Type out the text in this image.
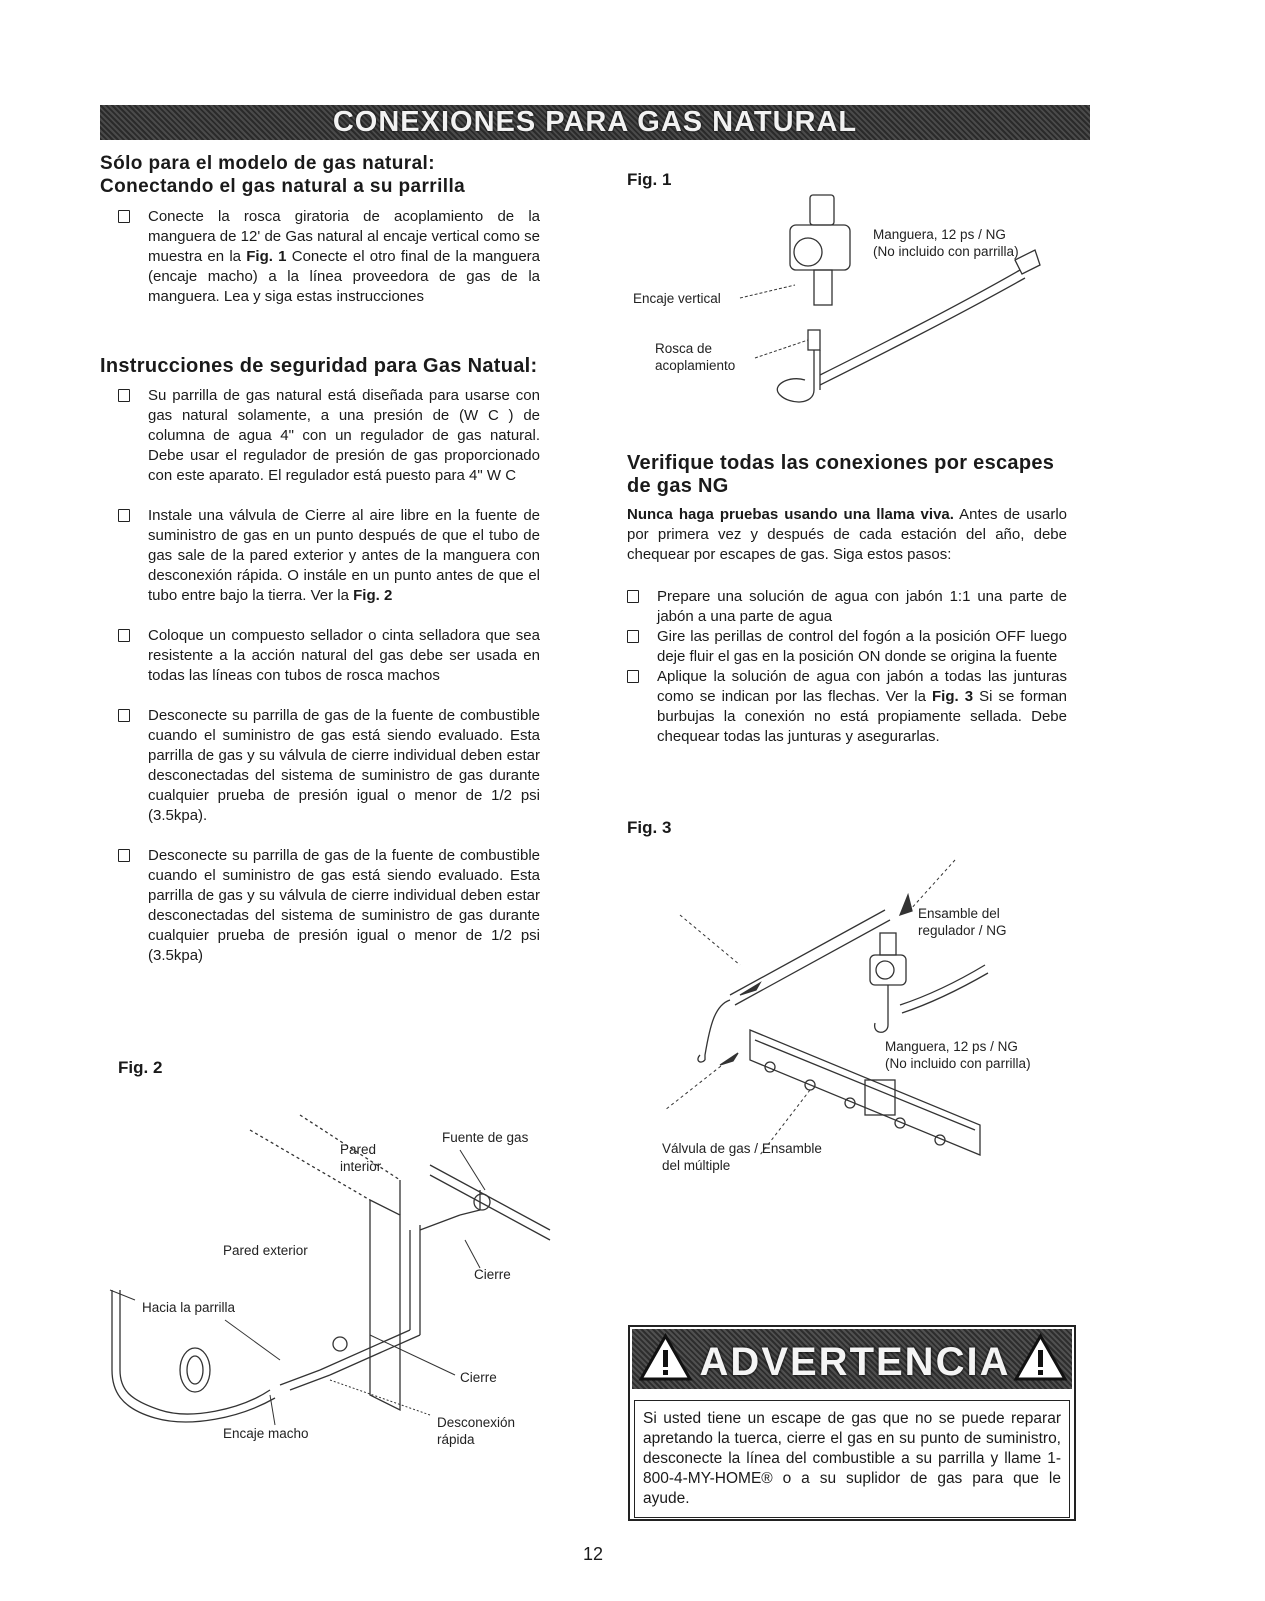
CONEXIONES PARA GAS NATURAL
Sólo para el modelo de gas natural:
Conectando el gas natural a su parrilla
Conecte la rosca giratoria de acoplamiento de la manguera de 12' de Gas natural al encaje vertical como se muestra en la Fig. 1 Conecte el otro final de la manguera (encaje macho) a la línea proveedora de gas de la manguera. Lea y siga estas instrucciones
Instrucciones de seguridad para Gas Natual:
Su parrilla de gas natural está diseñada para usarse con gas natural solamente, a una presión de (W C ) de columna de agua 4" con un regulador de gas natural. Debe usar el regulador de presión de gas proporcionado con este aparato. El regulador está puesto para 4" W C
Instale una válvula de Cierre al aire libre en la fuente de suministro de gas en un punto después de que el tubo de gas sale de la pared exterior y antes de la manguera con desconexión rápida. O instále en un punto antes de que el tubo entre bajo la tierra. Ver la Fig. 2
Coloque un compuesto sellador o cinta selladora que sea resistente a la acción natural del gas debe ser usada en todas las líneas con tubos de rosca machos
Desconecte su parrilla de gas de la fuente de combustible cuando el suministro de gas está siendo evaluado. Esta parrilla de gas y su válvula de cierre individual deben estar desconectadas del sistema de suministro de gas durante cualquier prueba de presión igual o menor de 1/2 psi (3.5kpa).
Desconecte su parrilla de gas de la fuente de combustible cuando el suministro de gas está siendo evaluado. Esta parrilla de gas y su válvula de cierre individual deben estar desconectadas del sistema de suministro de gas durante cualquier prueba de presión igual o menor de 1/2 psi (3.5kpa)
Fig. 2
Pared
interior
Fuente de gas
Pared exterior
Cierre
Hacia la parrilla
Cierre
Encaje macho
Desconexión
rápida
Fig. 1
Manguera, 12 ps / NG
(No incluido con parrilla)
Encaje vertical
Rosca de
acoplamiento
Verifique todas las conexiones por escapes
de gas NG
Nunca haga pruebas usando una llama viva. Antes de usarlo por primera vez y después de cada estación del año, debe chequear por escapes de gas. Siga estos pasos:
Prepare una solución de agua con jabón 1:1 una parte de jabón a una parte de agua
Gire las perillas de control del fogón a la posición OFF luego deje fluir el gas en la posición ON donde se origina la fuente
Aplique la solución de agua con jabón a todas las junturas como se indican por las flechas. Ver la Fig. 3 Si se forman burbujas la conexión no está propiamente sellada. Debe chequear todas las junturas y asegurarlas.
Fig. 3
Ensamble del
regulador / NG
Manguera, 12 ps / NG
(No incluido con parrilla)
Válvula de gas / Ensamble
del múltiple
ADVERTENCIA
Si usted tiene un escape de gas que no se puede reparar apretando la tuerca, cierre el gas en su punto de suministro, desconecte la línea del combustible a su parrilla y llame 1-800-4-MY-HOME® o a su suplidor de gas para que le ayude.
12
